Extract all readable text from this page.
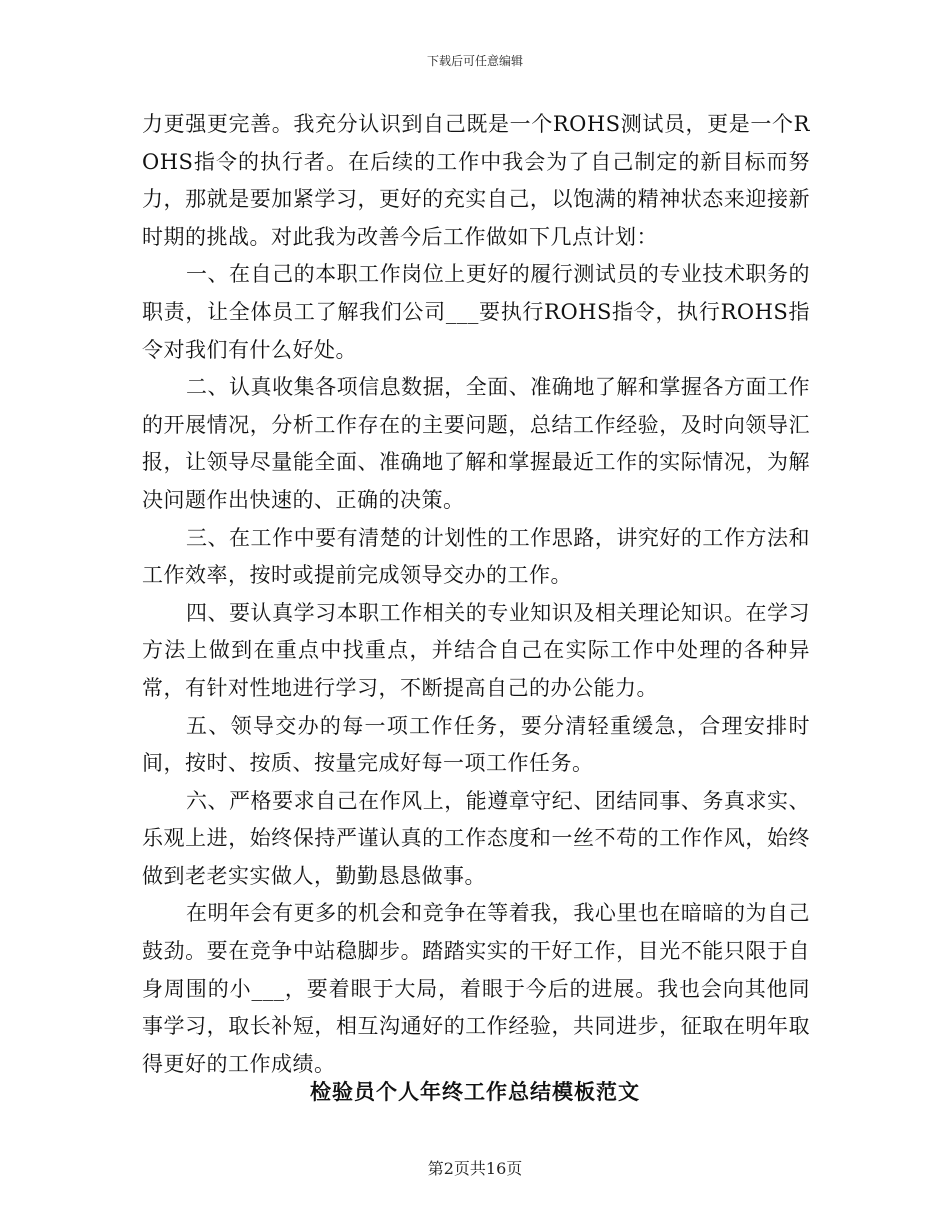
下载后可任意编辑

力更强更完善。我充分认识到自己既是一个ROHS测试员，更是一个ROHS指令的执行者。在后续的工作中我会为了自己制定的新目标而努力，那就是要加紧学习，更好的充实自己，以饱满的精神状态来迎接新时期的挑战。对此我为改善今后工作做如下几点计划：

一、在自己的本职工作岗位上更好的履行测试员的专业技术职务的职责，让全体员工了解我们公司___要执行ROHS指令，执行ROHS指令对我们有什么好处。

二、认真收集各项信息数据，全面、准确地了解和掌握各方面工作的开展情况，分析工作存在的主要问题，总结工作经验，及时向领导汇报，让领导尽量能全面、准确地了解和掌握最近工作的实际情况，为解决问题作出快速的、正确的决策。

三、在工作中要有清楚的计划性的工作思路，讲究好的工作方法和工作效率，按时或提前完成领导交办的工作。

四、要认真学习本职工作相关的专业知识及相关理论知识。在学习方法上做到在重点中找重点，并结合自己在实际工作中处理的各种异常，有针对性地进行学习，不断提高自己的办公能力。

五、领导交办的每一项工作任务，要分清轻重缓急，合理安排时间，按时、按质、按量完成好每一项工作任务。

六、严格要求自己在作风上，能遵章守纪、团结同事、务真求实、乐观上进，始终保持严谨认真的工作态度和一丝不苟的工作作风，始终做到老老实实做人，勤勤恳恳做事。

在明年会有更多的机会和竞争在等着我，我心里也在暗暗的为自己鼓劲。要在竞争中站稳脚步。踏踏实实的干好工作，目光不能只限于自身周围的小___，要着眼于大局，着眼于今后的进展。我也会向其他同事学习，取长补短，相互沟通好的工作经验，共同进步，征取在明年取得更好的工作成绩。

检验员个人年终工作总结模板范文
第2页共16页
